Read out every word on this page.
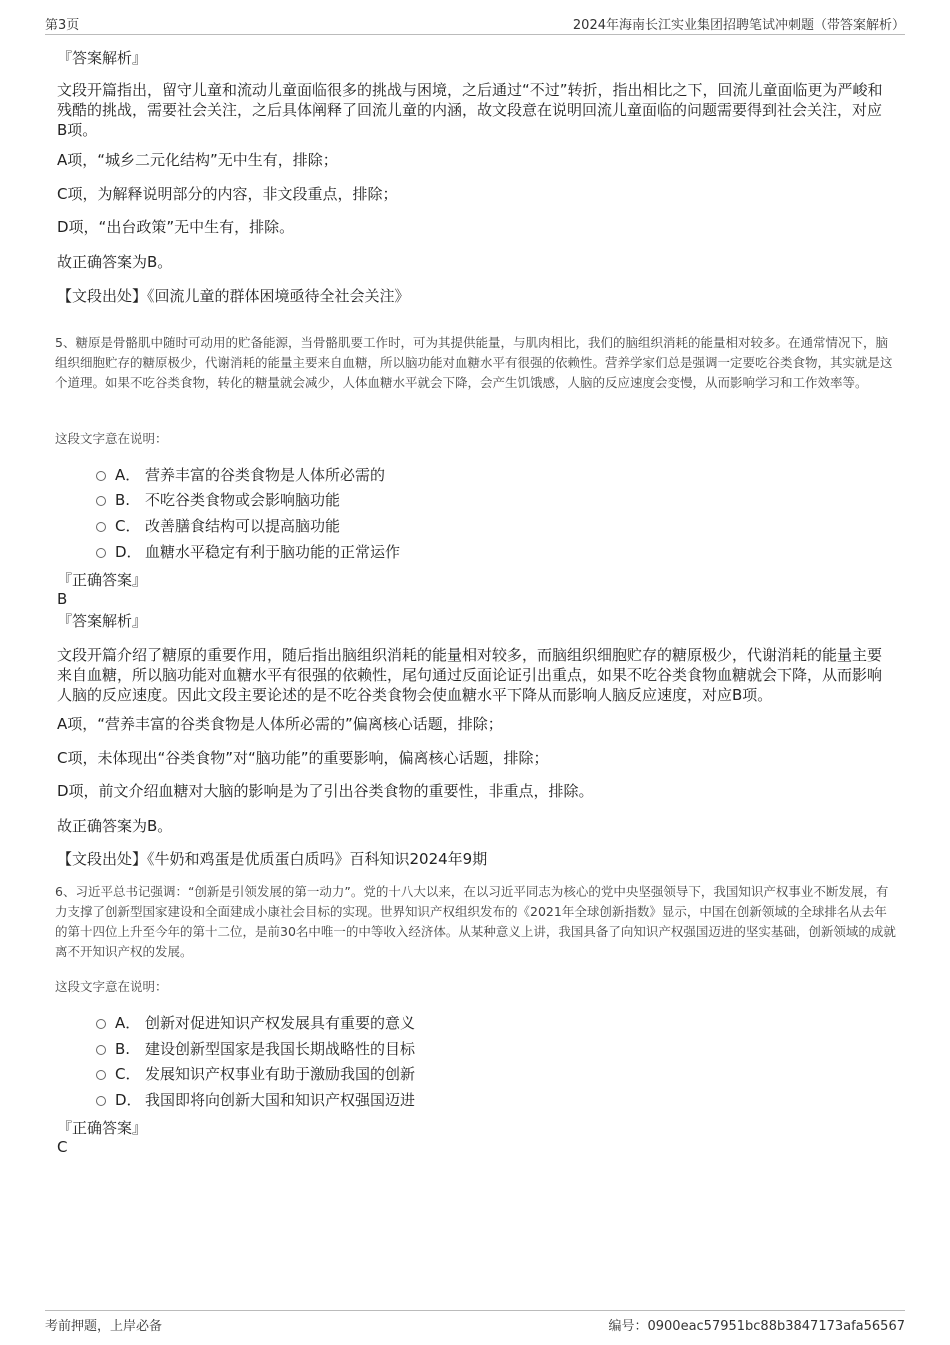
第3页	2024年海南长江实业集团招聘笔试冲刺题（带答案解析）
『答案解析』
文段开篇指出，留守儿童和流动儿童面临很多的挑战与困境，之后通过“不过”转折，指出相比之下，回流儿童面临更为严峻和残酷的挑战，需要社会关注，之后具体阐释了回流儿童的内涵，故文段意在说明回流儿童面临的问题需要得到社会关注，对应B项。
A项，“城乡二元化结构”无中生有，排除；
C项，为解释说明部分的内容，非文段重点，排除；
D项，“出台政策”无中生有，排除。
故正确答案为B。
【文段出处】《回流儿童的群体困境亟待全社会关注》
5、糖原是骨骼肌中随时可动用的贮备能源，当骨骼肌要工作时，可为其提供能量，与肌肉相比，我们的脑组织消耗的能量相对较多。在通常情况下，脑组织细胞贮存的糖原极少，代谢消耗的能量主要来自血糖，所以脑功能对血糖水平有很强的依赖性。营养学家们总是强调一定要吃谷类食物，其实就是这个道理。如果不吃谷类食物，转化的糖量就会减少，人体血糖水平就会下降，会产生饥饿感，人脑的反应速度会变慢，从而影响学习和工作效率等。
这段文字意在说明：
A． 营养丰富的谷类食物是人体所必需的
B. 不吃谷类食物或会影响脑功能
C． 改善膳食结构可以提高脑功能
D． 血糖水平稳定有利于脑功能的正常运作
『正确答案』
B
『答案解析』
文段开篇介绍了糖原的重要作用，随后指出脑组织消耗的能量相对较多，而脑组织细胞贮存的糖原极少，代谢消耗的能量主要来自血糖，所以脑功能对血糖水平有很强的依赖性，尾句通过反面论证引出重点，如果不吃谷类食物血糖就会下降，从而影响人脑的反应速度。因此文段主要论述的是不吃谷类食物会使血糖水平下降从而影响人脑反应速度，对应B项。
A项，“营养丰富的谷类食物是人体所必需的”偏离核心话题，排除；
C项，未体现出“谷类食物”对“脑功能”的重要影响，偏离核心话题，排除；
D项，前文介绍血糖对大脑的影响是为了引出谷类食物的重要性，非重点，排除。
故正确答案为B。
【文段出处】《牛奶和鸡蛋是优质蛋白质吗》百科知识2024年9期
6、习近平总书记强调：“创新是引领发展的第一动力”。党的十八大以来，在以习近平同志为核心的党中央坚强领导下，我国知识产权事业不断发展，有力支撑了创新型国家建设和全面建成小康社会目标的实现。世界知识产权组织发布的《2021年全球创新指数》显示，中国在创新领域的全球排名从去年的第十四位上升至今年的第十二位，是前30名中唯一的中等收入经济体。从某种意义上讲，我国具备了向知识产权强国迈进的坚实基础，创新领域的成就离不开知识产权的发展。
这段文字意在说明：
A． 创新对促进知识产权发展具有重要的意义
B. 建设创新型国家是我国长期战略性的目标
C． 发展知识产权事业有助于激励我国的创新
D． 我国即将向创新大国和知识产权强国迈进
『正确答案』
C
考前押题，上岸必备	编号：0900eac57951bc88b3847173afa56567
